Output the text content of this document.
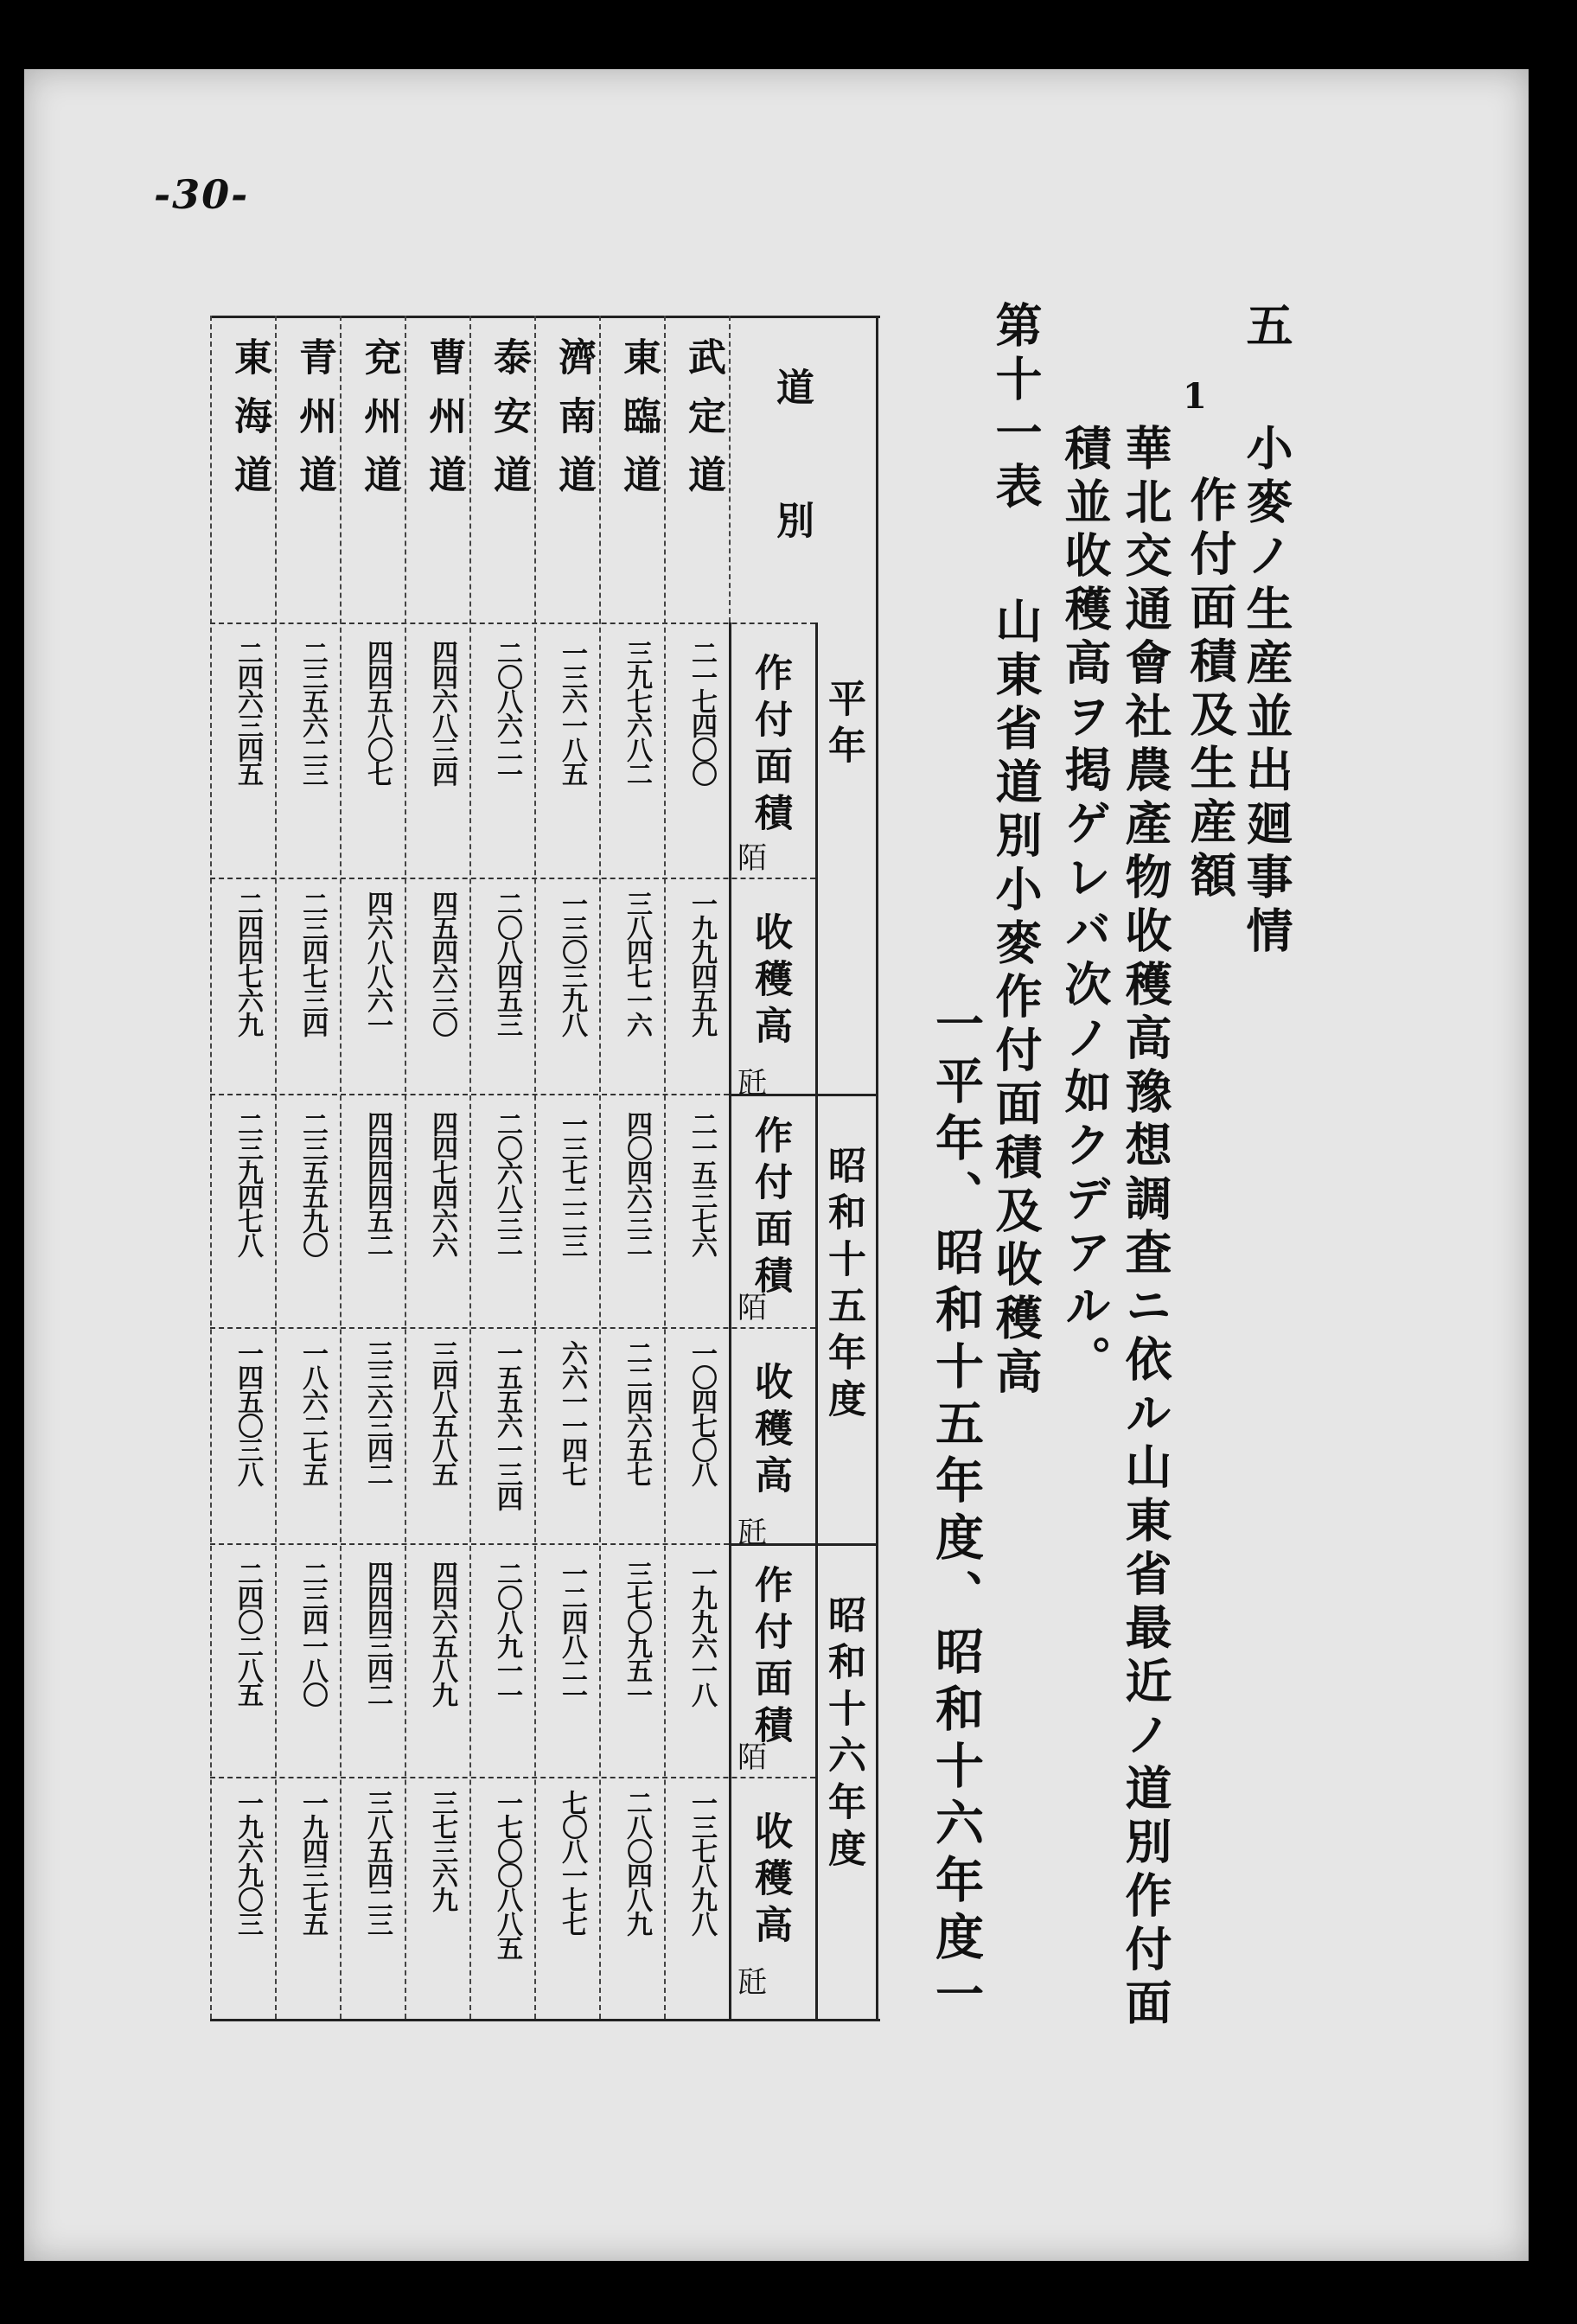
-30-
五
小麥ノ生産並出廻事情
1
作付面積及生産額
華北交通會社農產物收穫高豫想調査ニ依ル山東省最近ノ道別作付面
積並收穫高ヲ掲ゲレバ次ノ如クデアル。
第十一表
山東省道別小麥作付面積及收穫高
一平年、昭和十五年度、昭和十六年度一
道別
平年
昭和十五年度
昭和十六年度
作付面積
收穫高
作付面積
收穫高
作付面積
收穫高
陌
瓩
陌
瓩
陌
瓩
武定道
東臨道
濟南道
泰安道
曹州道
兗州道
青州道
東海道
二一七四〇〇
一九九四五九
二一五三七六
一〇四七〇八
一九九六一八
一三七八九八
三九七六八二
三八四七一六
四〇四六三二
二二四六五七
三七〇九五一
二八〇四八九
一三六一八五
一三〇三九八
一三七二二三
六六一一四七
一二四八二一
七〇八一七七
二〇八六二一
二〇八四五三
二〇六八三二
一五五六一三四
二〇八九一一
一七〇〇八八五
四四六八三四
四五四六三〇
四四七四六六
三四八五八五
四四六五八九
三七三六九
四四五八〇七
四六八八六一
四四四四五二
三三六三四二
四四四三四二
三八五四二三
二三五六二三
二三四七三四
二三五五九〇
一八六二七五
二三四一八〇
一九四三七五
二四六三四五
二四四七六九
二三九四七八
一四五〇三八
二四〇二八五
一九六九〇三
